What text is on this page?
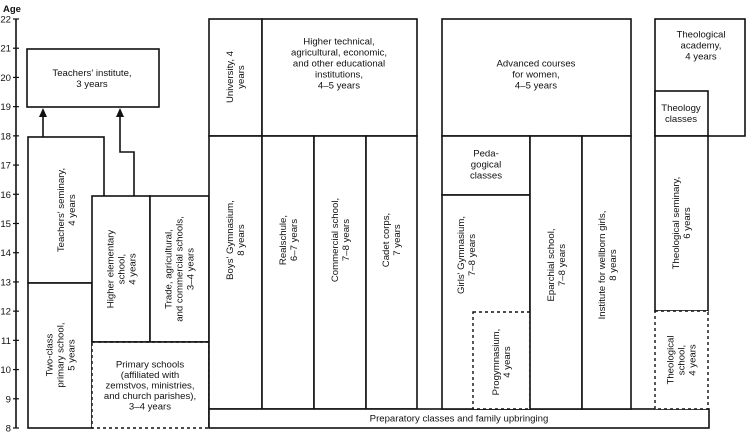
Age
22
21
20
19
18
17
16
15
14
13
12
11
10
9
8
Teachers' institute, 3 years
Teachers' seminary,4 years
Two-classprimary school,5 years
Higher elementaryschool,4 years	Trade, agricultural,and commercial schools,3–4 years
Primary schools (affiliated with zemstvos, ministries, and church parishes), 3–4 years
University, 4years
Higher technical, agricultural, economic, and other educational institutions, 4–5 years
Boys' Gymnasium,8 years	Realschule,6–7 years	Commercial school,7–8 years	Cadet corps,7 years
Preparatory classes and family upbringing
Advanced courses for women, 4–5 years
Peda-gogical classes
Girls' Gymnasium,7–8 years
Progymnasium,4 years
Eparchial school,7–8 years	Institute for wellborn girls,8 years
Theological academy, 4 years
Theology classes
Theological seminary,6 years
Theologicalschool,4 years
